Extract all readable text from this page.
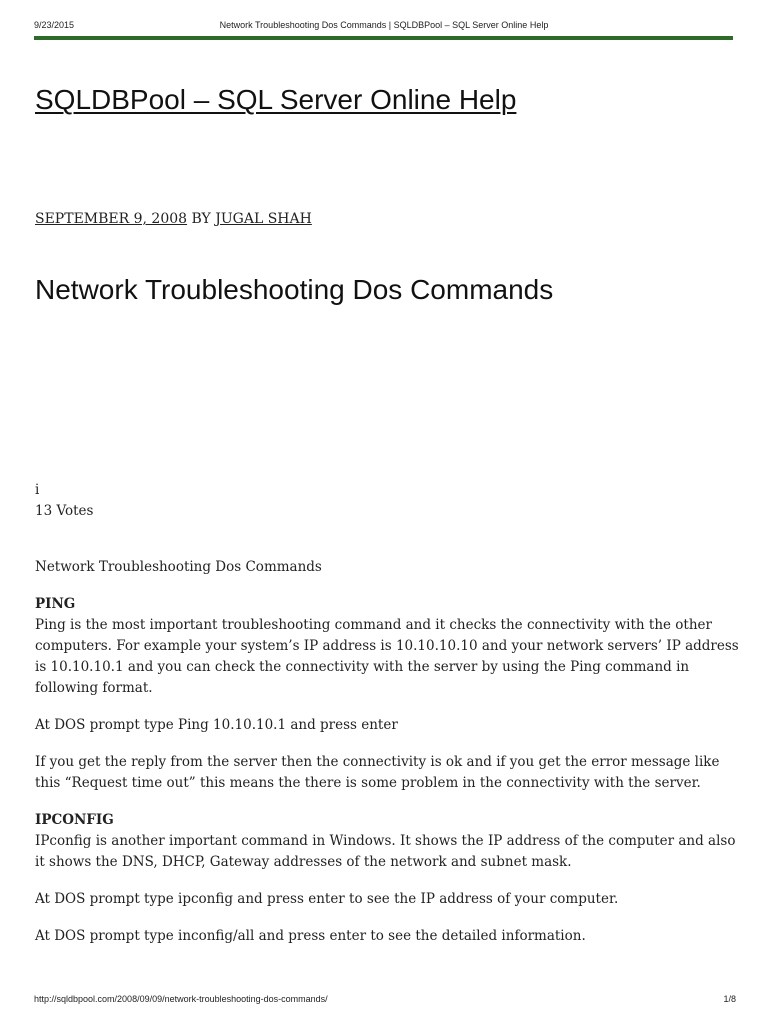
9/23/2015	Network Troubleshooting Dos Commands | SQLDBPool – SQL Server Online Help
SQLDBPool – SQL Server Online Help
SEPTEMBER 9, 2008 BY JUGAL SHAH
Network Troubleshooting Dos Commands
i
13 Votes

Network Troubleshooting Dos Commands

PING

Ping is the most important troubleshooting command and it checks the connectivity with the other computers. For example your system’s IP address is 10.10.10.10 and your network servers’ IP address is 10.10.10.1 and you can check the connectivity with the server by using the Ping command in following format.

At DOS prompt type Ping 10.10.10.1 and press enter

If you get the reply from the server then the connectivity is ok and if you get the error message like this “Request time out” this means the there is some problem in the connectivity with the server.

IPCONFIG

IPconfig is another important command in Windows. It shows the IP address of the computer and also it shows the DNS, DHCP, Gateway addresses of the network and subnet mask.

At DOS prompt type ipconfig and press enter to see the IP address of your computer.

At DOS prompt type inconfig/all and press enter to see the detailed information.

http://sqldbpool.com/2008/09/09/network-troubleshooting-dos-commands/	1/8
